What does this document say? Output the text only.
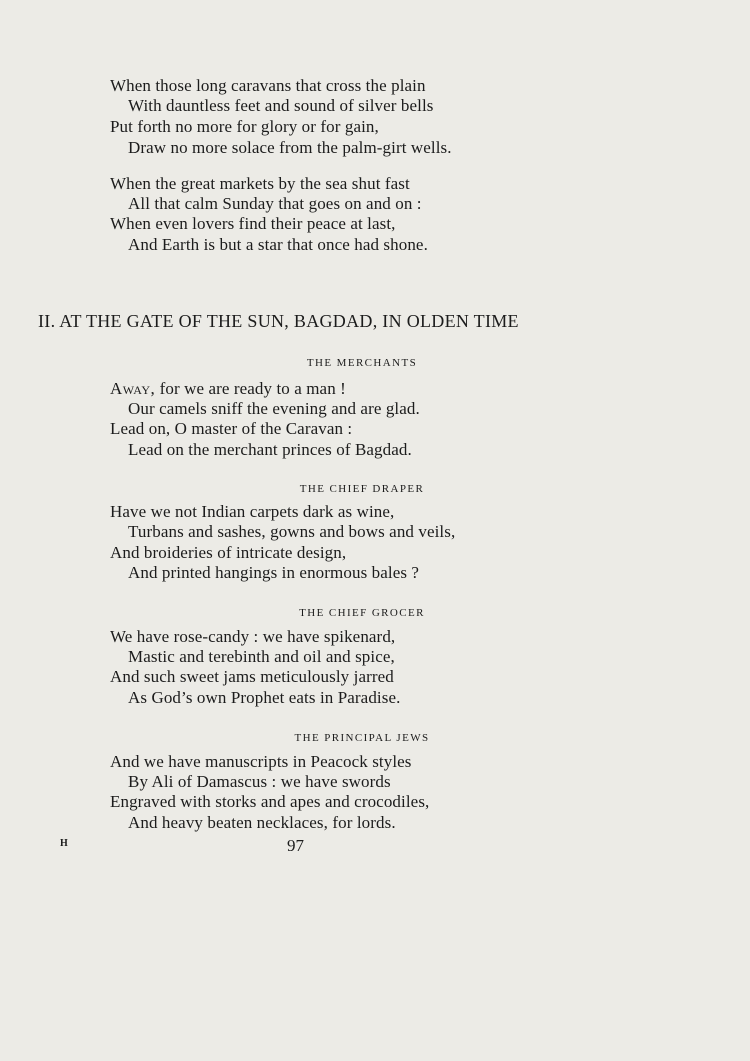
When those long caravans that cross the plain
With dauntless feet and sound of silver bells
Put forth no more for glory or for gain,
Draw no more solace from the palm-girt wells.
When the great markets by the sea shut fast
All that calm Sunday that goes on and on :
When even lovers find their peace at last,
And Earth is but a star that once had shone.
II. AT THE GATE OF THE SUN, BAGDAD, IN OLDEN TIME
THE MERCHANTS
Away, for we are ready to a man !
Our camels sniff the evening and are glad.
Lead on, O master of the Caravan :
Lead on the merchant princes of Bagdad.
THE CHIEF DRAPER
Have we not Indian carpets dark as wine,
Turbans and sashes, gowns and bows and veils,
And broideries of intricate design,
And printed hangings in enormous bales ?
THE CHIEF GROCER
We have rose-candy : we have spikenard,
Mastic and terebinth and oil and spice,
And such sweet jams meticulously jarred
As God’s own Prophet eats in Paradise.
THE PRINCIPAL JEWS
And we have manuscripts in Peacock styles
By Ali of Damascus : we have swords
Engraved with storks and apes and crocodiles,
And heavy beaten necklaces, for lords.
H	97
